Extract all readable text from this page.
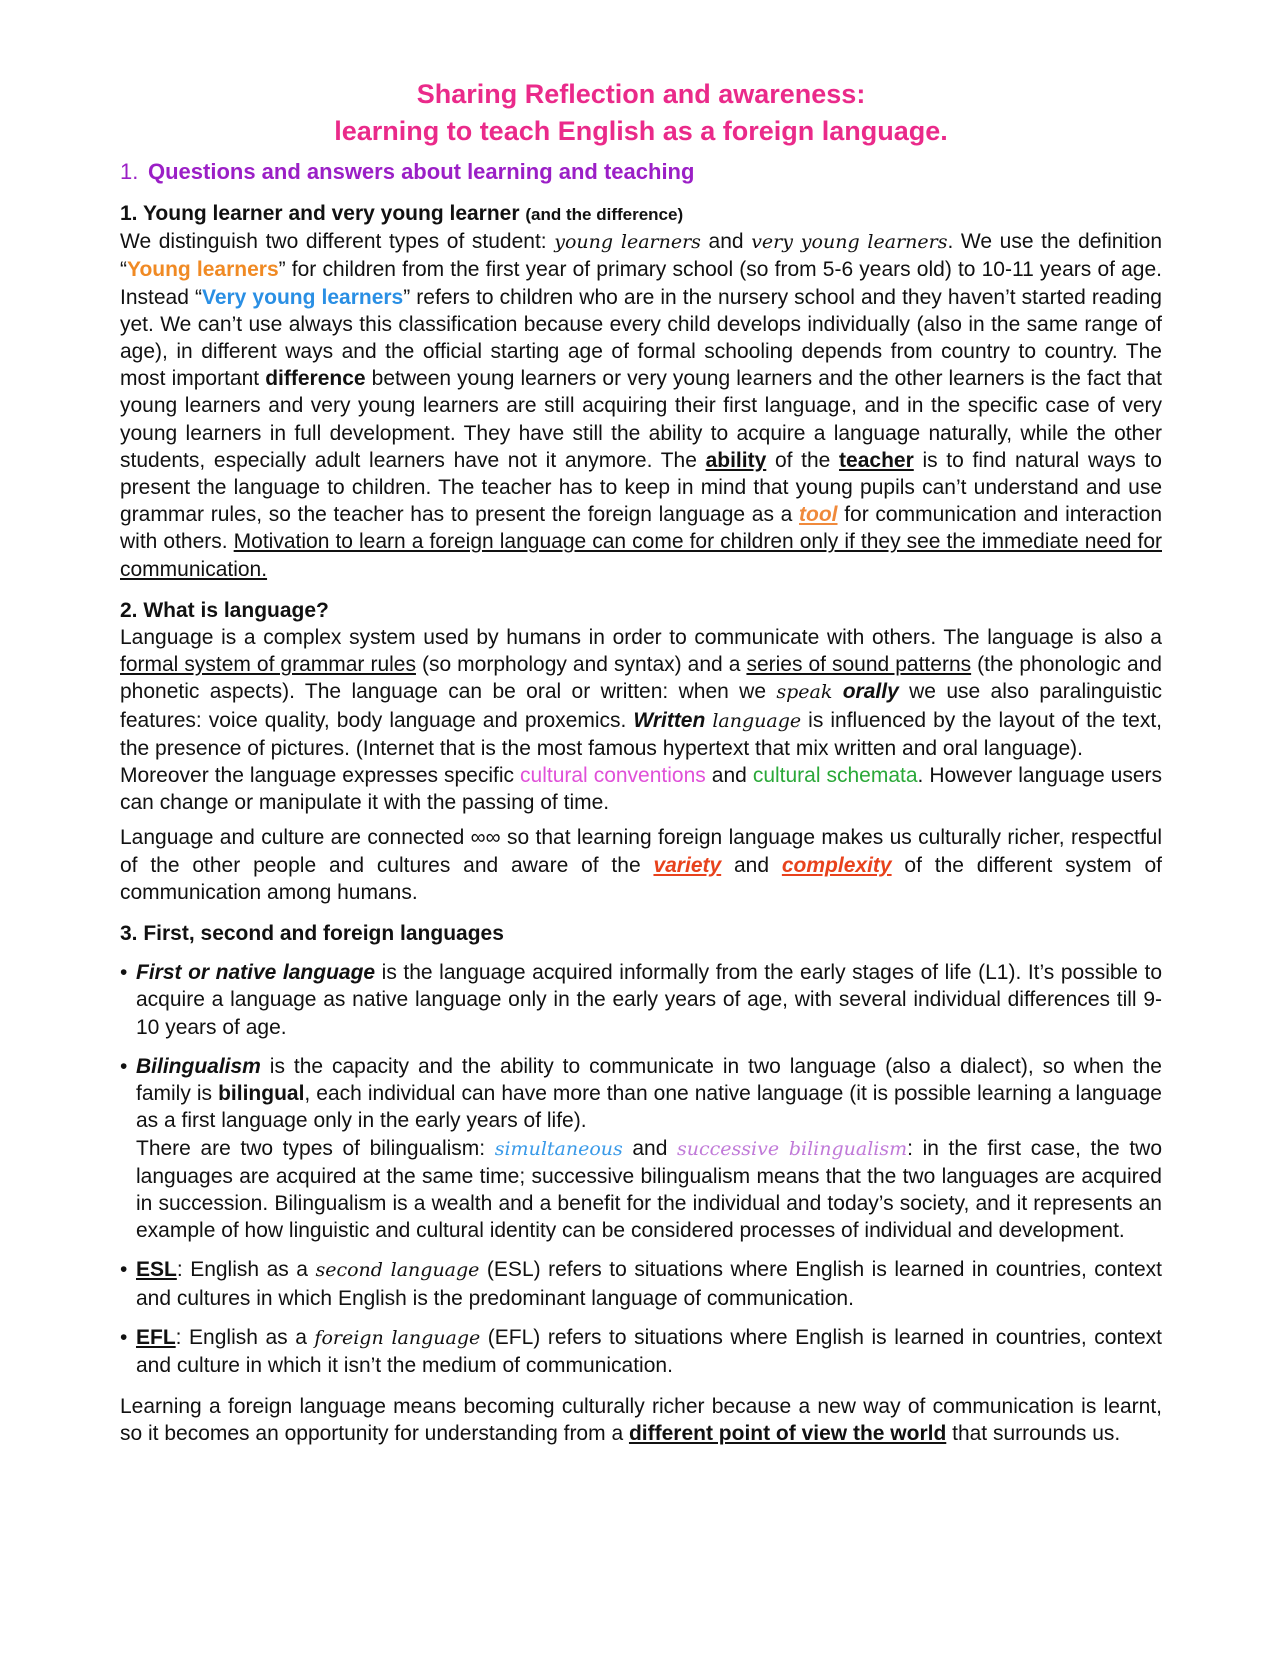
Sharing Reflection and awareness:
learning to teach English as a foreign language.
1. Questions and answers about learning and teaching
1. Young learner and very young learner (and the difference)

We distinguish two different types of student: young learners and very young learners. We use the definition “Young learners” for children from the first year of primary school (so from 5-6 years old) to 10-11 years of age. Instead “Very young learners” refers to children who are in the nursery school and they haven’t started reading yet. We can’t use always this classification because every child develops individually (also in the same range of age), in different ways and the official starting age of formal schooling depends from country to country. The most important difference between young learners or very young learners and the other learners is the fact that young learners and very young learners are still acquiring their first language, and in the specific case of very young learners in full development. They have still the ability to acquire a language naturally, while the other students, especially adult learners have not it anymore. The ability of the teacher is to find natural ways to present the language to children. The teacher has to keep in mind that young pupils can’t understand and use grammar rules, so the teacher has to present the foreign language as a tool for communication and interaction with others. Motivation to learn a foreign language can come for children only if they see the immediate need for communication.

2. What is language?

Language is a complex system used by humans in order to communicate with others. The language is also a formal system of grammar rules (so morphology and syntax) and a series of sound patterns (the phonologic and phonetic aspects). The language can be oral or written: when we speak orally we use also paralinguistic features: voice quality, body language and proxemics. Written language is influenced by the layout of the text, the presence of pictures. (Internet that is the most famous hypertext that mix written and oral language).

Moreover the language expresses specific cultural conventions and cultural schemata. However language users can change or manipulate it with the passing of time.

Language and culture are connected ∞∞ so that learning foreign language makes us culturally richer, respectful of the other people and cultures and aware of the variety and complexity of the different system of communication among humans.

3. First, second and foreign languages
• First or native language is the language acquired informally from the early stages of life (L1). It’s possible to acquire a language as native language only in the early years of age, with several individual differences till 9-10 years of age.
• Bilingualism is the capacity and the ability to communicate in two language (also a dialect), so when the family is bilingual, each individual can have more than one native language (it is possible learning a language as a first language only in the early years of life).
There are two types of bilingualism: simultaneous and successive bilingualism: in the first case, the two languages are acquired at the same time; successive bilingualism means that the two languages are acquired in succession. Bilingualism is a wealth and a benefit for the individual and today’s society, and it represents an example of how linguistic and cultural identity can be considered processes of individual and development.
• ESL: English as a second language (ESL) refers to situations where English is learned in countries, context and cultures in which English is the predominant language of communication.
• EFL: English as a foreign language (EFL) refers to situations where English is learned in countries, context and culture in which it isn’t the medium of communication.

Learning a foreign language means becoming culturally richer because a new way of communication is learnt, so it becomes an opportunity for understanding from a different point of view the world that surrounds us.
